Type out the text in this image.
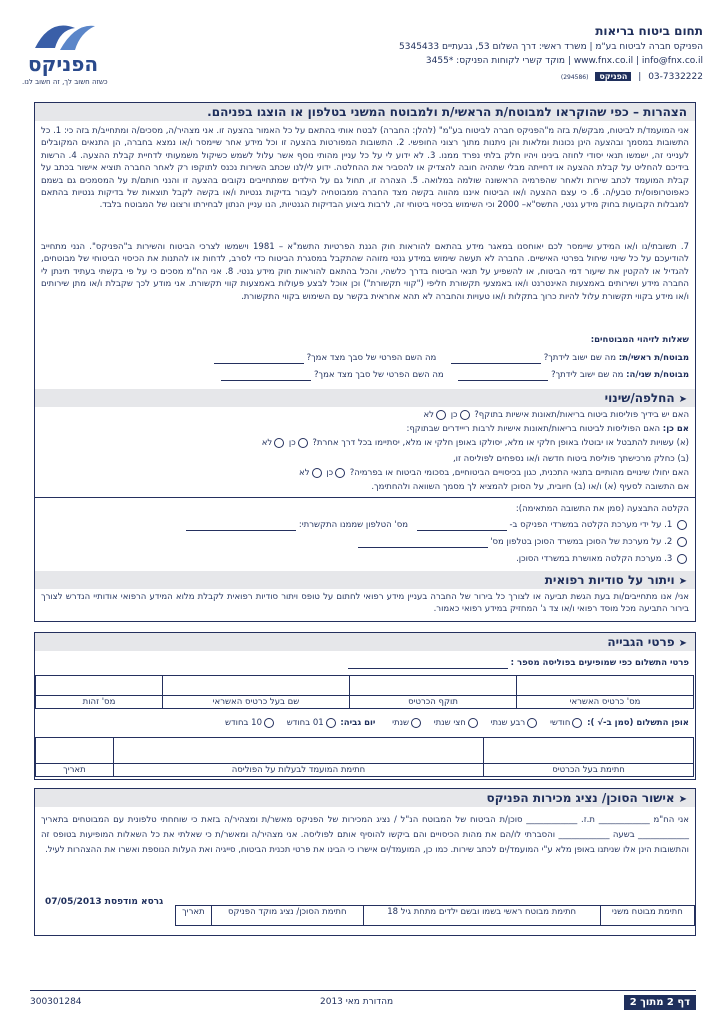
תחום ביטוח בריאות
הפניקס חברה לביטוח בע"מ | משרד ראשי: דרך השלום 53, גבעתיים 5345433
www.fnx.co.il | info@fnx.co.il | מוקד קשרי לקוחות הפניקס: *3455
03-7332222 | הפניקס (294586)
הפניקס
כשזה חשוב לך, זה חשוב לנו.
הצהרות – כפי שהוקראו למבוטח/ת הראשי/ת ולמבוטח המשני בטלפון או הוצגו בפניהם.
אני המועמד/ת לביטוח, מבקש/ת בזה מ"הפניקס חברה לביטוח בע"מ" (להלן: החברה) לבטח אותי בהתאם על כל האמור בהצעה זו. אני מצהיר/ה, מסכים/ה ומתחייב/ת בזה כי: 1. כל התשובות במסמך ובהצעה הינן נכונות ומלאות והן ניתנות מתוך רצוני החופשי. 2. התשובות המפורטות בהצעה זו וכל מידע אחר שיימסר ו/או נמצא בחברה, הן התנאים המקובלים לענייני זה, ישמשו תנאי יסודי לחוזה בינינו ויהיו חלק בלתי נפרד ממנו. 3. לא ידוע לי על כל עניין מהותי נוסף אשר עלול לשמש כשיקול משמעותי לדחיית קבלת ההצעה. 4. הרשות בידיכם להחליט על קבלת ההצעה או דחייתה מבלי שתהיה חובה להצדיק או להסביר את ההחלטה. ידוע לי/לנו שכתב השירות נכנס לתוקפו רק לאחר החברה תוציא אישור בכתב על קבלת המועמד לכתב שירות ולאחר שהפרמיה הראשונה שולמה במלואה. 5. הצהרה זו, תחול גם על הילדים שמתחייבים נקובים בהצעה זו והנני חותם/ת על המסמכים גם בשמם כאפוטרופוס/ית טבעי/ה. 6. כי עצם ההצעה ו/או הביטוח איננו מהווה בקשה מצד החברה ממבוטחיה לעבור בדיקות גנטיות ו/או בקשה לקבל תוצאות של בדיקות גנטיות בהתאם למגבלות הקבועות בחוק מידע גנטי, התשס"א– 2000 וכי השימוש בכיסוי ביטוחי זה, לרבות ביצוע הבדיקות הגנטיות, הנו עניין הנתון לבחירתו ורצונו של המבוטח בלבד.
7. תשובתי/נו ו/או המידע שיימסר לכם יאוחסנו במאגר מידע בהתאם להוראות חוק הגנת הפרטיות התשמ"א – 1981 וישמשו לצרכי הביטוח והשירות ב"הפניקס". הנני מתחייב להודיעכם על כל שינוי שיחול בפרטי האישיים. החברה לא תעשה שימוש במידע גנטי מזוהה שהתקבל במסגרת הביטוח כדי לסרב, לדחות או להתנות את הכיסוי הביטוחי של מבוטחים, להגדיל או להקטין את שיעור דמי הביטוח, או להשפיע על תנאי הביטוח בדרך כלשהי, והכל בהתאם להוראות חוק מידע גנטי. 8. אני הח"מ מסכים כי על פי בקשתי בעתיד תינתן לי החברה מידע ושירותים באמצעות האינטרנט ו/או באמצעי תקשורת חליפי ("קווי תקשורת") וכן אוכל לבצע פעולות באמצעות קווי תקשורת. אני מודע לכך שקבלת ו/או מתן שירותים ו/או מידע בקווי תקשורת עלול להיות כרוך בתקלות ו/או טעויות והחברה לא תהא אחראית בקשר עם השימוש בקווי התקשורת.
שאלות לזיהוי המבוטחים:
מבוטח/ת ראשי/ת: מה שם ישוב לידתך?  מה השם הפרטי של סבך מצד אמך?
מבוטח/ת שני/ה: מה שם ישוב לידתך?  מה השם הפרטי של סבך מצד אמך?
➤החלפה/שינוי
האם יש בידיך פוליסות ביטוח בריאות/תאונות אישיות בתוקף? כן לא
אם כן: האם הפוליסות לביטוח בריאות/תאונות אישיות לרבות רייידרים שבתוקף:
(א) עשויות להתבטל או יבוטלו באופן חלקי או מלא, יסולקו באופן חלקי או מלא, יסתיימו בכל דרך אחרת? כן לא
(ב) כחלק מרכישתך פוליסת ביטוח חדשה ו/או נספחים לפוליסה זו,
האם יחולו שינויים מהותיים בתנאי התכנית, כגון בכיסויים הביטוחיים, בסכומי הביטוח או בפרמיה? כן לא
אם התשובה לסעיף (א) ו/או (ב) חיובית, על הסוכן להמציא לך מסמך השוואה ולהחתימך.
הקלטה התבצעה (סמן את התשובה המתאימה):
1. על ידי מערכת הקלטה במשרדי הפניקס ב-  מס' הטלפון שממנו התקשרתי:
2. על מערכת של הסוכן במשרד הסוכן בטלפון מס'
3. מערכת הקלטה מאושרת במשרדי הסוכן.
➤ויתור על סודיות רפואית
אני/ אנו מתחייבים/ות בעת הגשת תביעה או לצורך כל בירור של החברה בעניין מידע רפואי לחתום על טופס ויתור סודיות רפואית לקבלת מלוא המידע הרפואי אודותיי הנדרש לצורך בירור התביעה מכל מוסד רפואי ו/או צד ג' המחזיק במידע רפואי כאמור.
➤פרטי הגבייה
פרטי התשלום כפי שמופיעים בפוליסה מספר :

מס' כרטיס האשראי	תוקף הכרטיס	שם בעל כרטיס האשראי	מס' זהות
אופן התשלום (סמן ב-√ ): חודשי רבע שנתי חצי שנתי שנתי יום גביה: 01 בחודש 10 בחודש

חתימת בעל הכרטיס	חתימת המועמד לבעלות על הפוליסה	תאריך
➤אישור הסוכן/ נציג מכירות הפניקס
אני הח"מ ____________ ת.ז. ____________ סוכן/ת הביטוח של המבוטח הנ"ל / נציג המכירות של הפניקס מאשר/ת ומצהיר/ה בזאת כי שוחחתי טלפונית עם המבוטחים בתאריך ____________ בשעה ____________ והסברתי לו/הם את מהות הכיסויים והם ביקשו להוסיף אותם לפוליסה. אני מצהיר/ה ומאשר/ת כי שאלתי את כל השאלות המופיעות בטופס זה והתשובות הינן אלו שניתנו באופן מלא ע"י המועמד/ים לכתב שירות. כמו כן, המועמד/ים אישרו כי הבינו את פרטי תכנית הביטוח, סייגיה ואת העלות הנוספת ואשרו את ההצהרות לעיל.
גרסא מודפסת 07/05/2013
חתימת מבוטח משני	חתימת מבוטח ראשי בשמו ובשם ילדים מתחת גיל 18	חתימת הסוכן/ נציג מוקד הפניקס	תאריך
דף 2 מתוך 2
מהדורת מאי 2013
300301284
